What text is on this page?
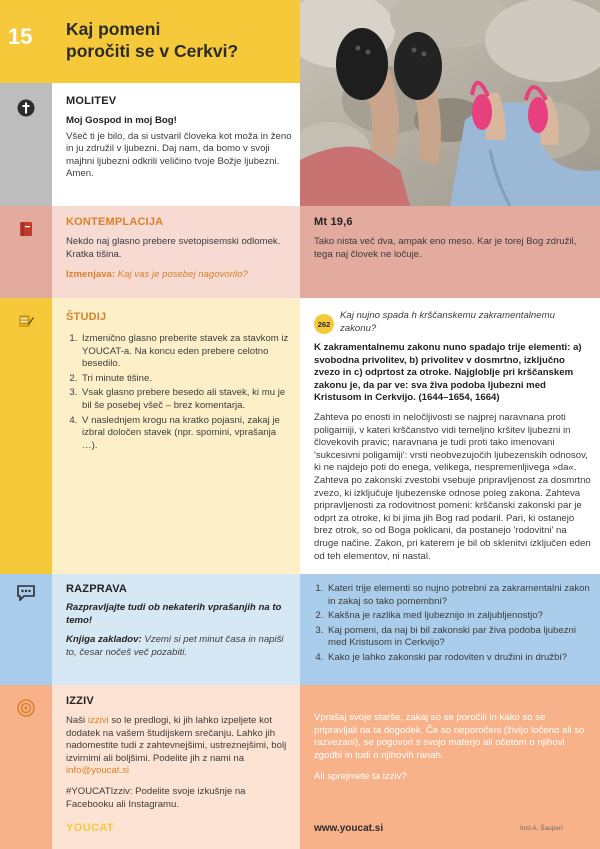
15	Kaj pomeni
poročiti se v Cerkvi?
MOLITEV
Moj Gospod in moj Bog!
Všeč ti je bilo, da si ustvaril človeka kot moža in ženo in ju združil v ljubezni. Daj nam, da bomo v svoji majhni ljubezni odkrili veličino tvoje Božje ljubezni.
Amen.
KONTEMPLACIJA
Nekdo naj glasno prebere svetopisemski odlomek. Kratka tišina.
Izmenjava: Kaj vas je posebej nagovorilo?
Mt 19,6
Tako nista več dva, ampak eno meso. Kar je torej Bog združil, tega naj človek ne ločuje.
ŠTUDIJ
1. Izmenično glasno preberite stavek za stavkom iz YOUCAT-a. Na koncu eden prebere celotno besedilo.
2. Tri minute tišine.
3. Vsak glasno prebere besedo ali stavek, ki mu je bil še posebej všeč – brez komentarja.
4. V naslednjem krogu na kratko pojasni, zakaj je izbral določen stavek (npr. spomini, vprašanja …).
262
Kaj nujno spada h krščanskemu zakramentalnemu zakonu?
K zakramentalnemu zakonu nuno spadajo trije elementi: a) svobodna privolitev, b) privolitev v dosmrtno, izključno zvezo in c) odprtost za otroke. Najgloblje pri krščanskem zakonu je, da par ve: sva živa podoba ljubezni med Kristusom in Cerkvijo. (1644–1654, 1664)
Zahteva po enosti in neločljivosti se najprej naravnana proti poligamiji, v kateri krščanstvo vidi temeljno kršitev ljubezni in človekovih pravic; naravnana je tudi proti tako imenovani 'sukcesivni poligamiji': vrsti neobvezujočih ljubezenskih odnosov, ki ne najdejo poti do enega, velikega, nespremenljivega »da«. Zahteva po zakonski zvestobi vsebuje pripravljenost za dosmrtno zvezo, ki izključuje ljubezenske odnose poleg zakona. Zahteva pripravljenosti za rodovitnost pomeni: krščanski zakonski par je odprt za otroke, ki bi jima jih Bog rad podaril. Pari, ki ostanejo brez otrok, so od Boga poklicani, da postanejo 'rodovitni' na druge načine. Zakon, pri katerem je bil ob sklenitvi izključen eden od teh elementov, ni nastal.
RAZPRAVA
Razpravljajte tudi ob nekaterih vprašanjih na to temo!
Knjiga zakladov: Vzemi si pet minut časa in napiši to, česar nočeš več pozabiti.
1. Kateri trije elementi so nujno potrebni za zakramentalni zakon in zakaj so tako pomembni?
2. Kakšna je razlika med ljubeznijo in zaljubljenostjo?
3. Kaj pomeni, da naj bi bil zakonski par živa podoba ljubezni med Kristusom in Cerkvijo?
4. Kako je lahko zakonski par rodoviten v družini in družbi?
IZZIV
Naši izzivi so le predlogi, ki jih lahko izpeljete kot dodatek na vašem študijskem srečanju. Lahko jih nadomestite tudi z zahtevnejšimi, ustreznejšimi, bolj izvirnimi ali boljšimi. Podelite jih z nami na info@youcat.si
#YOUCATIzziv: Podelite svoje izkušnje na Facebooku ali Instagramu.
Vprašaj svoje starše, zakaj so se poročili in kako so se pripravljali na ta dogodek. Če so neporočeni (živijo ločeno ali so razvezani), se pogovori s svojo materjo ali očetom o njihovi zgodbi in tudi o njihovih ranah.
Ali sprejmete ta izziv?
YOUCAT	www.youcat.si	foto A. Šauperl
